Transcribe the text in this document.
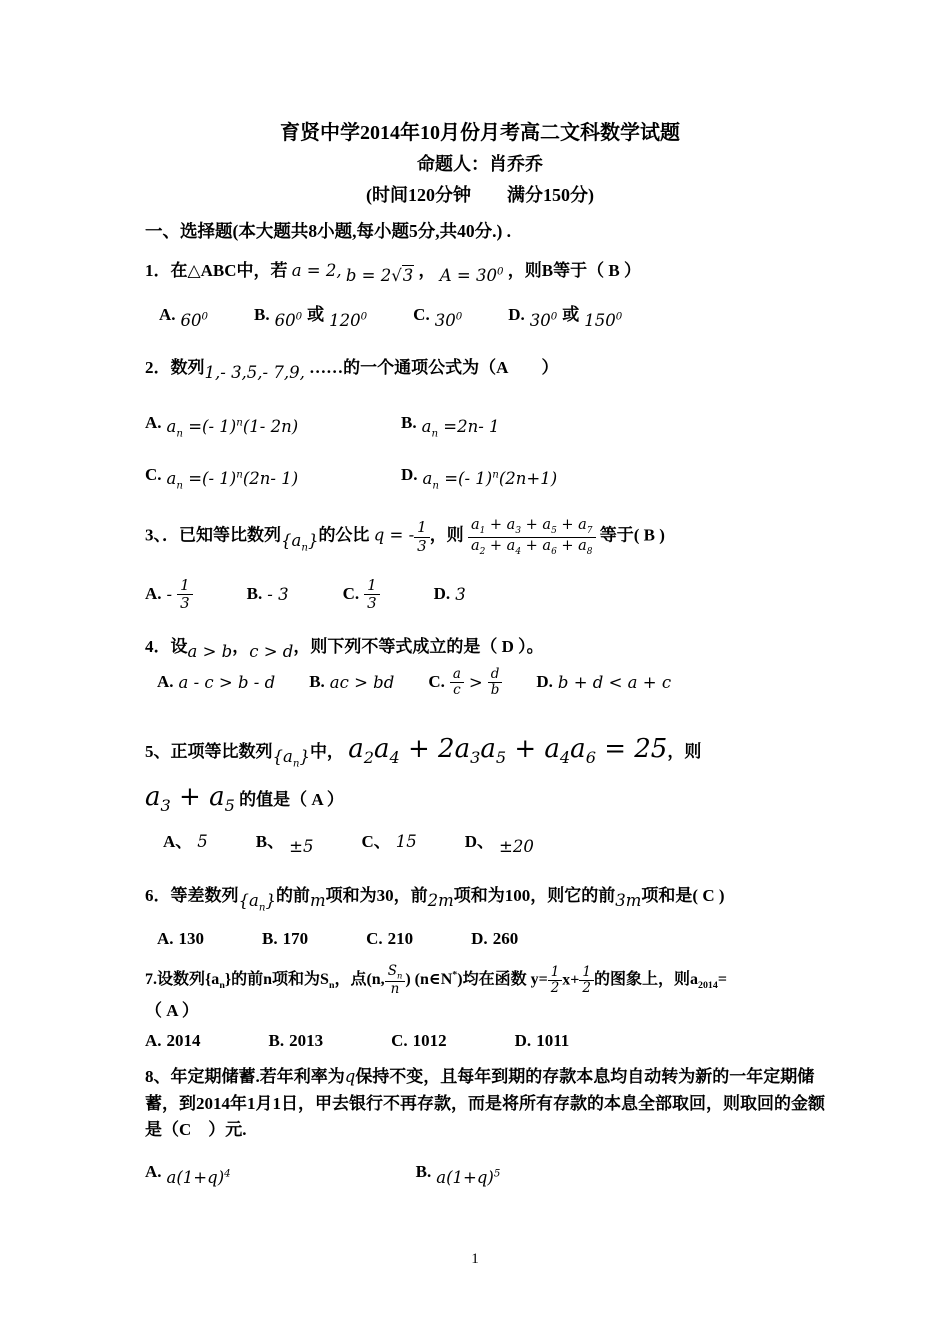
育贤中学2014年10月份月考高二文科数学试题
命题人：肖乔乔
(时间120分钟　　满分150分)
一、选择题(本大题共8小题,每小题5分,共40分.) .
1．在△ABC中，若 a = 2, b = 2√3 ， $A = 30^0$ ，则B等于（ B ）
A. $60^0$	B. $60^0$ 或 $120^0$	C. $30^0$	D. $30^0$ 或 $150^0$
2．数列1,- 3,5,- 7,9, ……的一个通项公式为（A　　）
A. $a_n$ =(- 1)$^n$(1- 2n)	B. $a_n =2n-$ 1
C. $a_n$ =(- 1)$^n$(2n- 1)	D. $a_n$ =(- 1)$^n$(2n+1)
3、．已知等比数列$\{a_n\}$的公比 q = - $\frac{1}{3}$ ，则 $\frac{a_1 + a_3 + a_5 + a_7}{a_2 + a_4 + a_6 + a_8}$ 等于( B )
A. - $\frac{1}{3}$	B. - 3	C. $\frac{1}{3}$	D. 3
4．设a > b，c > d，则下列不等式成立的是（ D ）。
A. a - c > b - d B. ac > bd C. $\frac{a}{c} > \frac{d}{b} D$. b + d < a + c
5、正项等比数列$\{a_n\}$中， $a_2a_4 + 2a_3a_5 + a_4a_6 = 25$，则
$a_3 + a_5$ 的值是（ A ）
A、 5	B、 ±5	C、 15	D、 ±20
6．等差数列$\{a_n\}$的前m项和为30，前2m项和为100，则它的前3m项和是( C )
A. 130	B. 170	C. 210	D. 260
7.设数列$\{a_n\}$的前n项和为$S_n$，点(n, $\frac{S_n}{n}$ ) (n∈N*)均在函数 $y= \frac{1}{2} x+ \frac{1}{2}$ 的图象上，则$a_{2014}=$
（ A ）
A. 2014	B. 2013	C. 1012	D. 1011
8、年定期储蓄.若年利率为q保持不变，且每年到期的存款本息均自动转为新的一年定期储
蓄，到2014年1月1日，甲去银行不再存款，而是将所有存款的本息全部取回，则取回的金额
是（C　）元.
A. $a(1+q)^4$	B. $a(1+q)^5$
1
